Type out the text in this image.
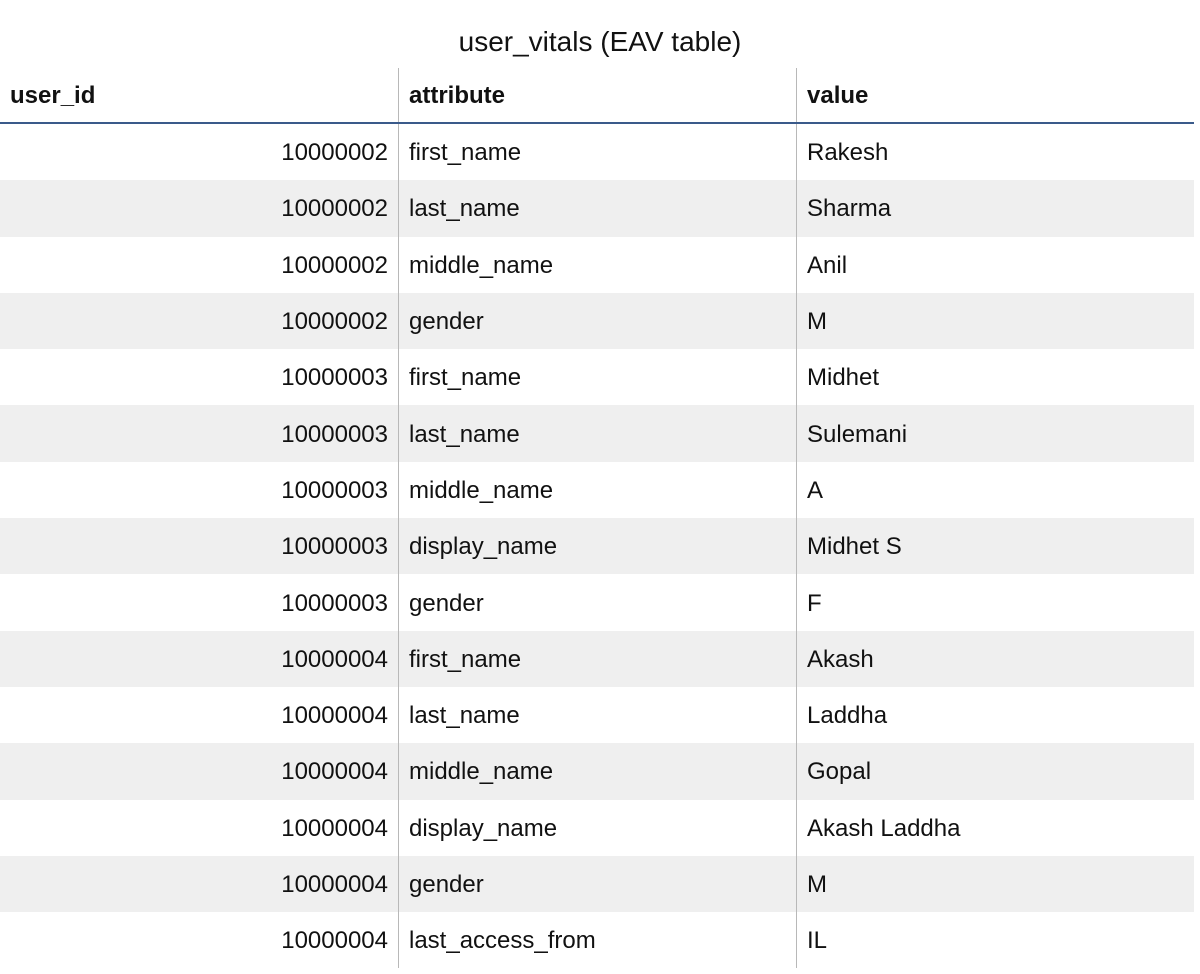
user_vitals (EAV table)
user_id	attribute	value
10000002 first_name	Rakesh
10000002 last_name	Sharma
10000002 middle_name	Anil
10000002 gender	M
10000003 first_name	Midhet
10000003 last_name	Sulemani
10000003 middle_name	A
10000003 display_name	Midhet S
10000003 gender	F
10000004 first_name	Akash
10000004 last_name	Laddha
10000004 middle_name	Gopal
10000004 display_name	Akash Laddha
10000004 gender	M
10000004 last_access_from	IL
